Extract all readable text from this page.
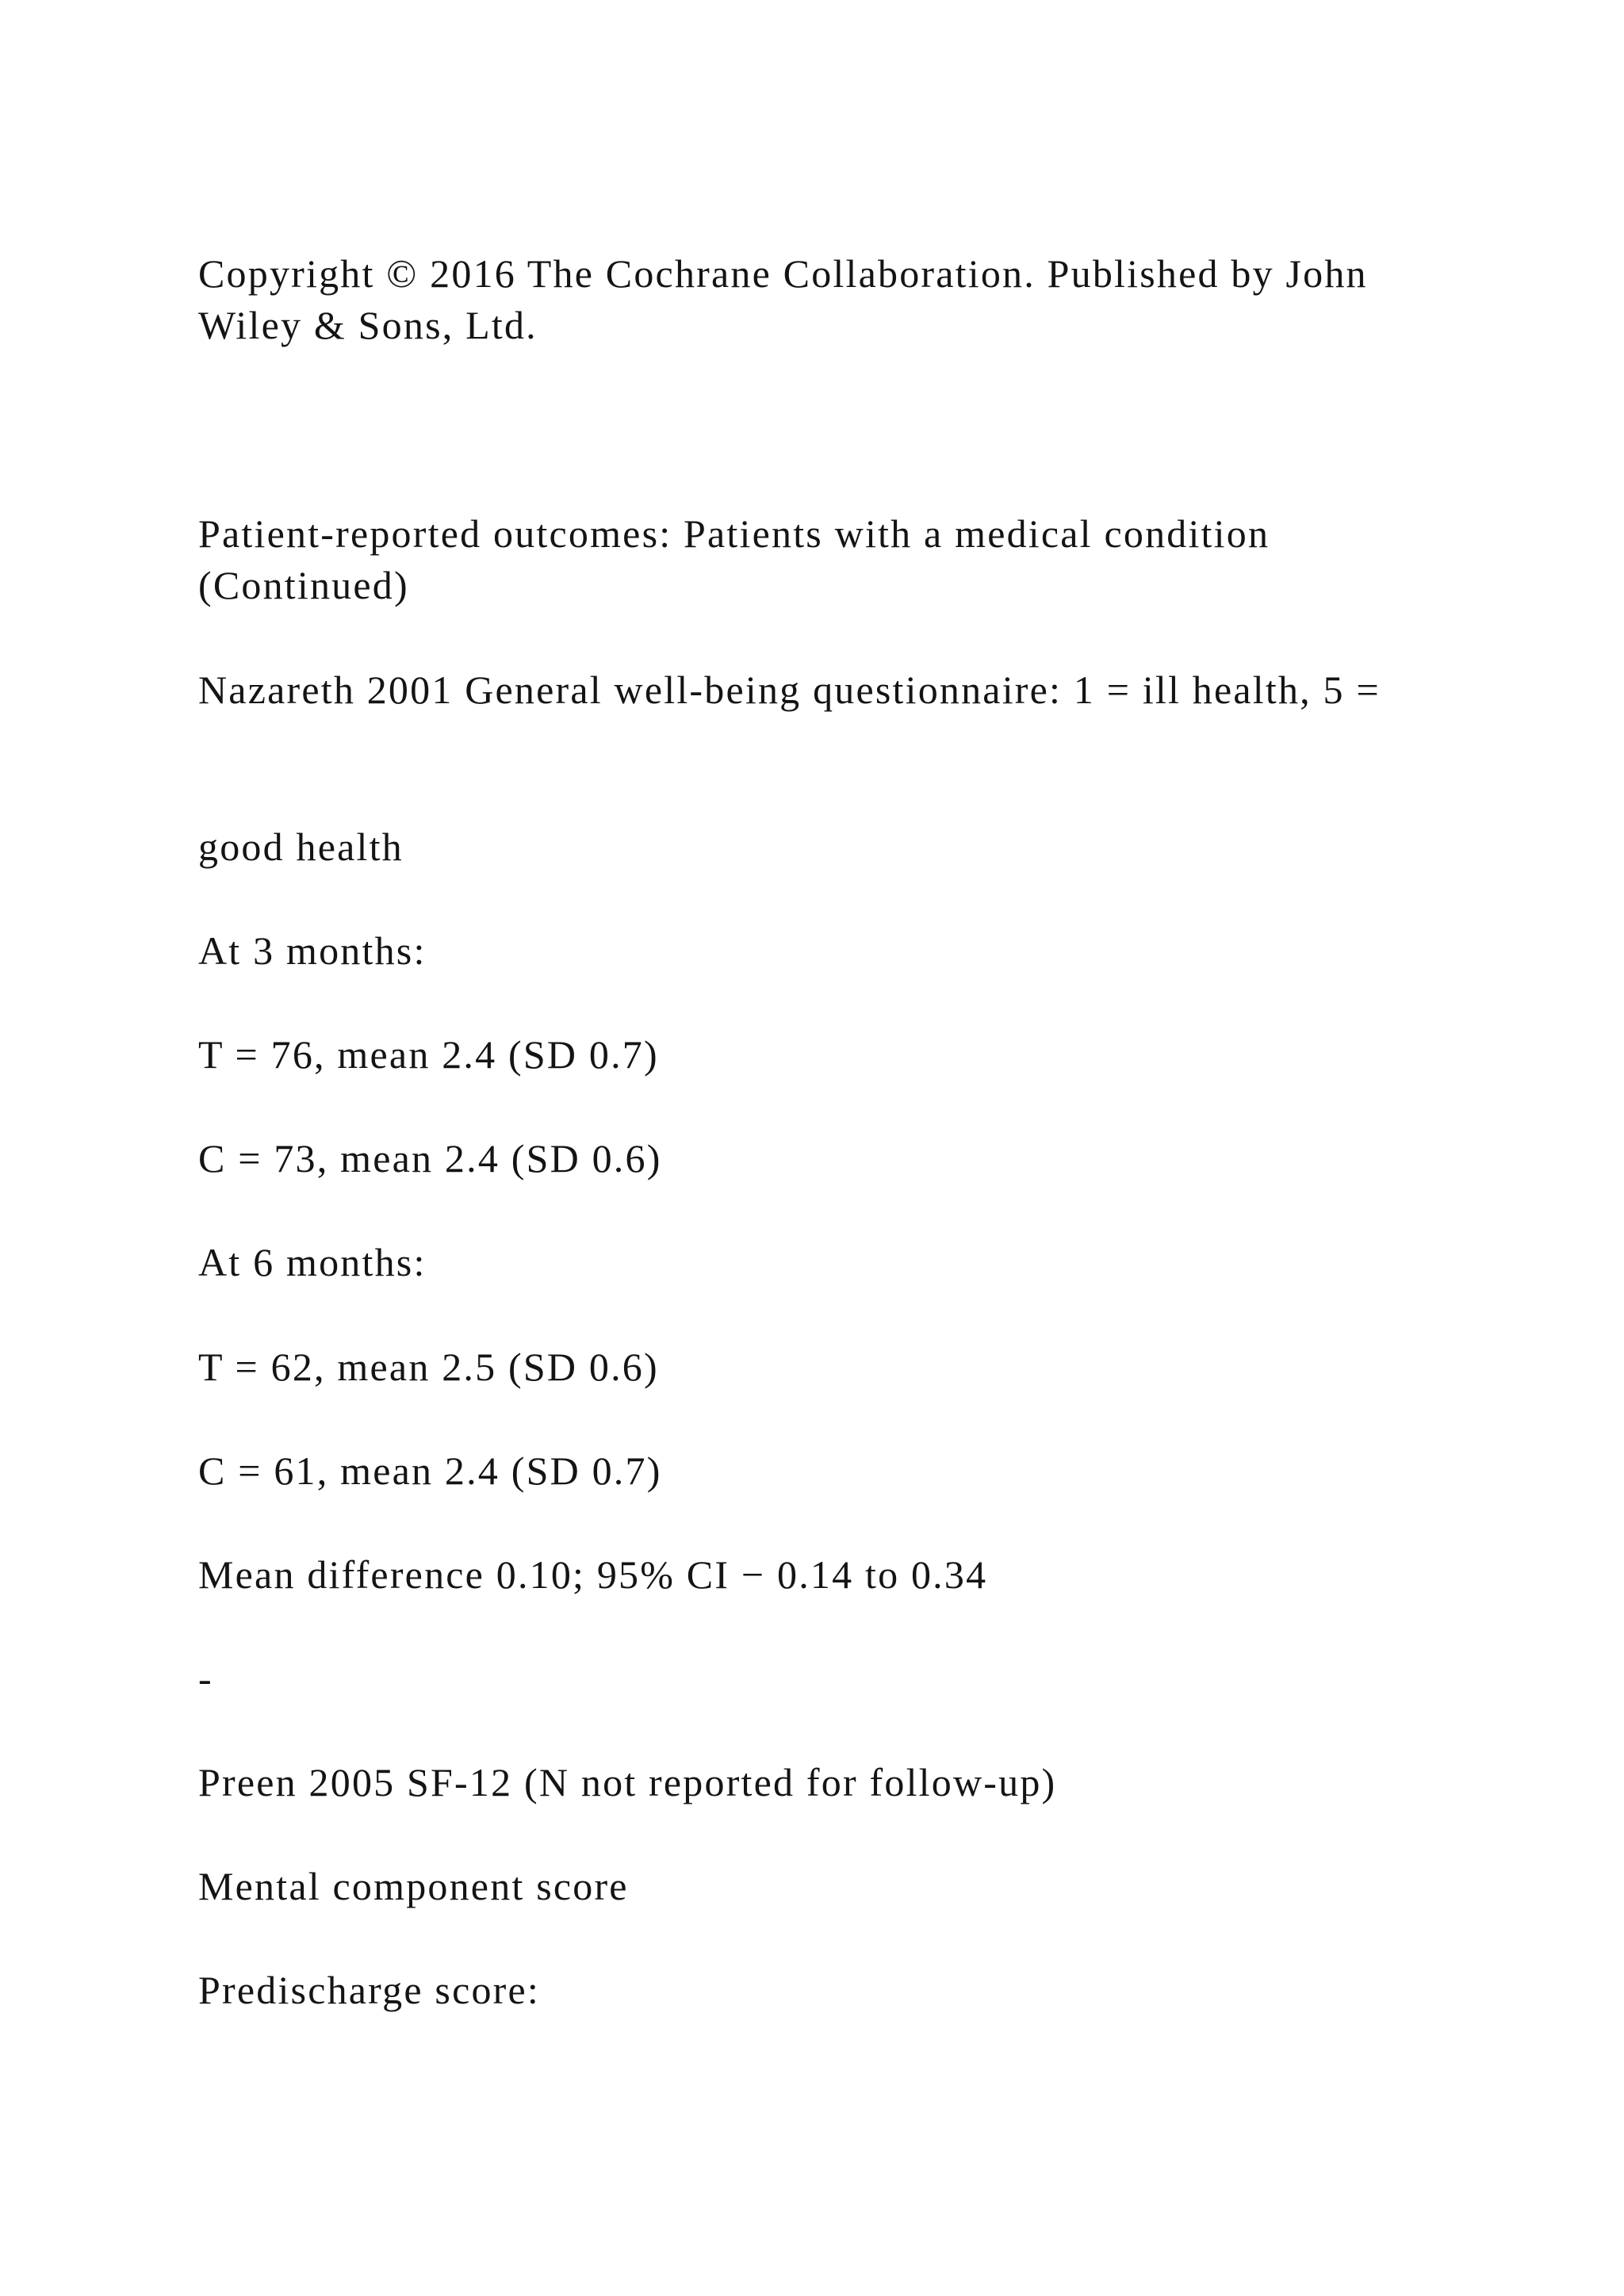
Copyright © 2016 The Cochrane Collaboration. Published by John Wiley & Sons, Ltd.

Patient-reported outcomes: Patients with a medical condition (Continued)

Nazareth 2001 General well-being questionnaire: 1 = ill health, 5 =

good health

At 3 months:

T = 76, mean 2.4 (SD 0.7)

C = 73, mean 2.4 (SD 0.6)

At 6 months:

T = 62, mean 2.5 (SD 0.6)

C = 61, mean 2.4 (SD 0.7)

Mean difference 0.10; 95% CI − 0.14 to 0.34

-

Preen 2005 SF-12 (N not reported for follow-up)

Mental component score

Predischarge score:
